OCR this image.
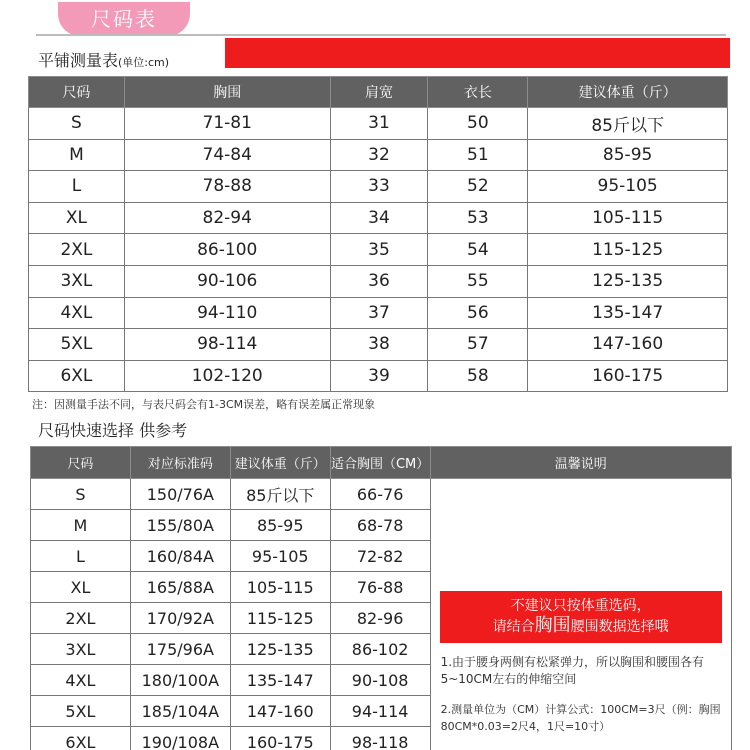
尺码表
平铺测量表(单位:cm)
尺码	胸围	肩宽	衣长	建议体重（斤）
S	71-81	31	50	85斤以下
M	74-84	32	51	85-95
L	78-88	33	52	95-105
XL	82-94	34	53	105-115
2XL	86-100	35	54	115-125
3XL	90-106	36	55	125-135
4XL	94-110	37	56	135-147
5XL	98-114	38	57	147-160
6XL	102-120	39	58	160-175
注：因测量手法不同，与表尺码会有1-3CM误差，略有误差属正常现象
尺码快速选择 供参考
尺码	对应标准码	建议体重（斤）	适合胸围（CM）	温馨说明
S	150/76A	85斤以下	66-76	不建议只按体重选码，
请结合胸围腰围数据选择哦
1.由于腰身两侧有松紧弹力，所以胸围和腰围各有5~10CM左右的伸缩空间
2.测量单位为（CM）计算公式：100CM=3尺（例：胸围80CM*0.03=2尺4，1尺=10寸）

M	155/80A	85-95	68-78	
L	160/84A	95-105	72-82	
XL	165/88A	105-115	76-88	
2XL	170/92A	115-125	82-96	
3XL	175/96A	125-135	86-102	
4XL	180/100A	135-147	90-108	
5XL	185/104A	147-160	94-114	
6XL	190/108A	160-175	98-118	
